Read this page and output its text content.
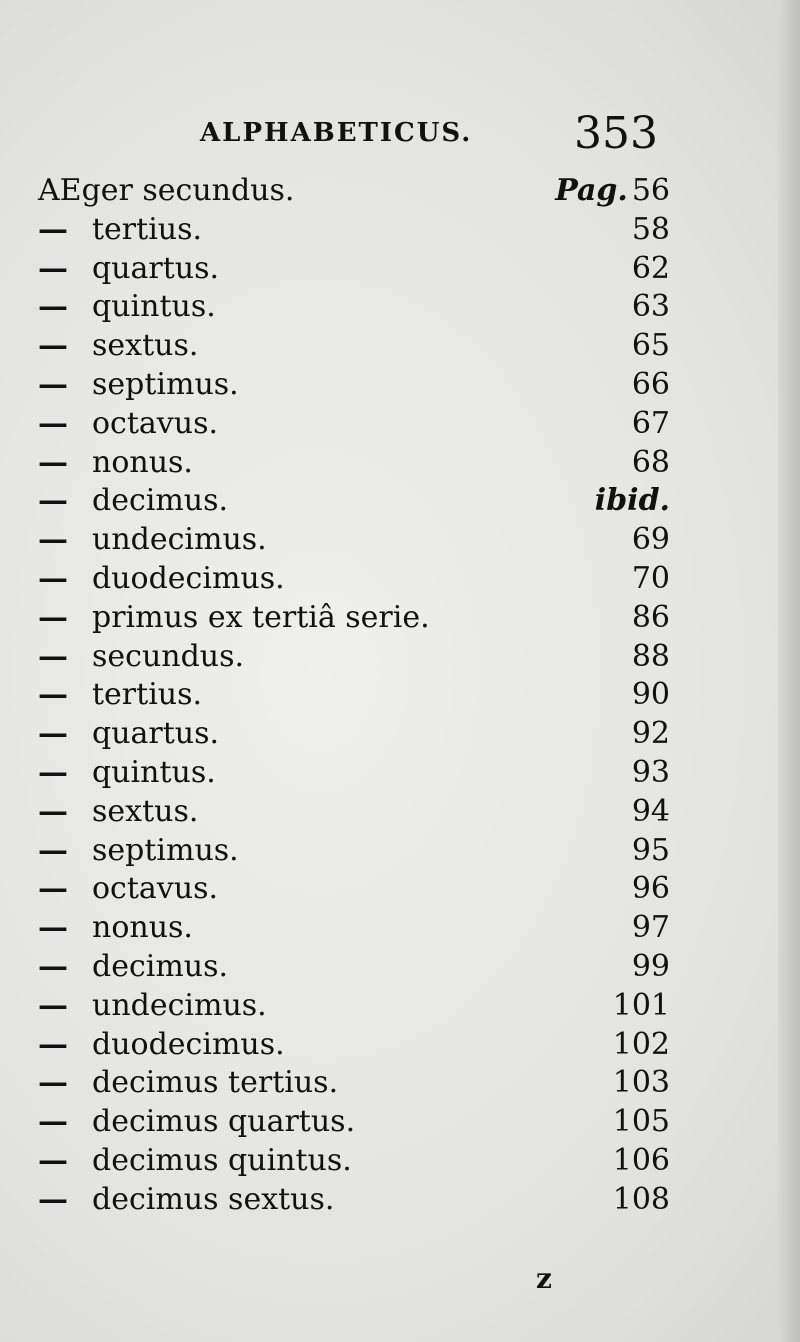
ALPHABETICUS. 353
AEger secundus.	Pag. 56
— tertius.	58
— quartus.	62
— quintus.	63
— sextus.	65
— septimus.	66
— octavus.	67
— nonus.	68
— decimus.	ibid.
— undecimus.	69
— duodecimus.	70
— primus ex tertiâ serie.	86
— secundus.	88
— tertius.	90
— quartus.	92
— quintus.	93
— sextus.	94
— septimus.	95
— octavus.	96
— nonus.	97
— decimus.	99
— undecimus.	101
— duodecimus.	102
— decimus tertius.	103
— decimus quartus.	105
— decimus quintus.	106
— decimus sextus.	108
z
